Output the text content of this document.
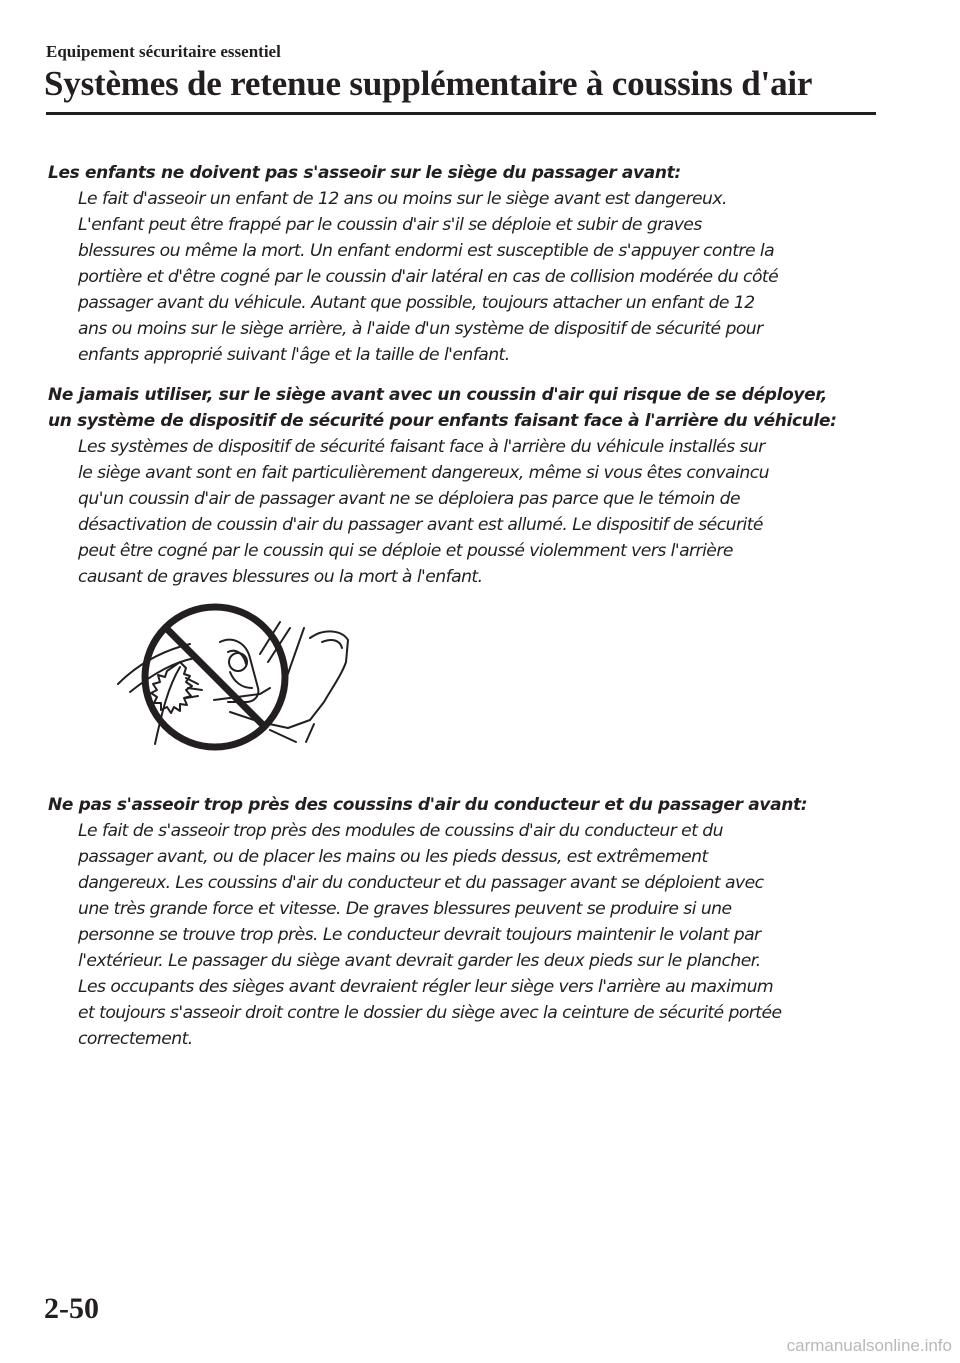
Equipement sécuritaire essentiel
Systèmes de retenue supplémentaire à coussins d'air
Les enfants ne doivent pas s'asseoir sur le siège du passager avant:
Le fait d'asseoir un enfant de 12 ans ou moins sur le siège avant est dangereux.
L'enfant peut être frappé par le coussin d'air s'il se déploie et subir de graves
blessures ou même la mort. Un enfant endormi est susceptible de s'appuyer contre la
portière et d'être cogné par le coussin d'air latéral en cas de collision modérée du côté
passager avant du véhicule. Autant que possible, toujours attacher un enfant de 12
ans ou moins sur le siège arrière, à l'aide d'un système de dispositif de sécurité pour
enfants approprié suivant l'âge et la taille de l'enfant.
Ne jamais utiliser, sur le siège avant avec un coussin d'air qui risque de se déployer,
un système de dispositif de sécurité pour enfants faisant face à l'arrière du véhicule:
Les systèmes de dispositif de sécurité faisant face à l'arrière du véhicule installés sur
le siège avant sont en fait particulièrement dangereux, même si vous êtes convaincu
qu'un coussin d'air de passager avant ne se déploiera pas parce que le témoin de
désactivation de coussin d'air du passager avant est allumé. Le dispositif de sécurité
peut être cogné par le coussin qui se déploie et poussé violemment vers l'arrière
causant de graves blessures ou la mort à l'enfant.
Ne pas s'asseoir trop près des coussins d'air du conducteur et du passager avant:
Le fait de s'asseoir trop près des modules de coussins d'air du conducteur et du
passager avant, ou de placer les mains ou les pieds dessus, est extrêmement
dangereux. Les coussins d'air du conducteur et du passager avant se déploient avec
une très grande force et vitesse. De graves blessures peuvent se produire si une
personne se trouve trop près. Le conducteur devrait toujours maintenir le volant par
l'extérieur. Le passager du siège avant devrait garder les deux pieds sur le plancher.
Les occupants des sièges avant devraient régler leur siège vers l'arrière au maximum
et toujours s'asseoir droit contre le dossier du siège avec la ceinture de sécurité portée
correctement.
2-50
carmanualsonline.info
